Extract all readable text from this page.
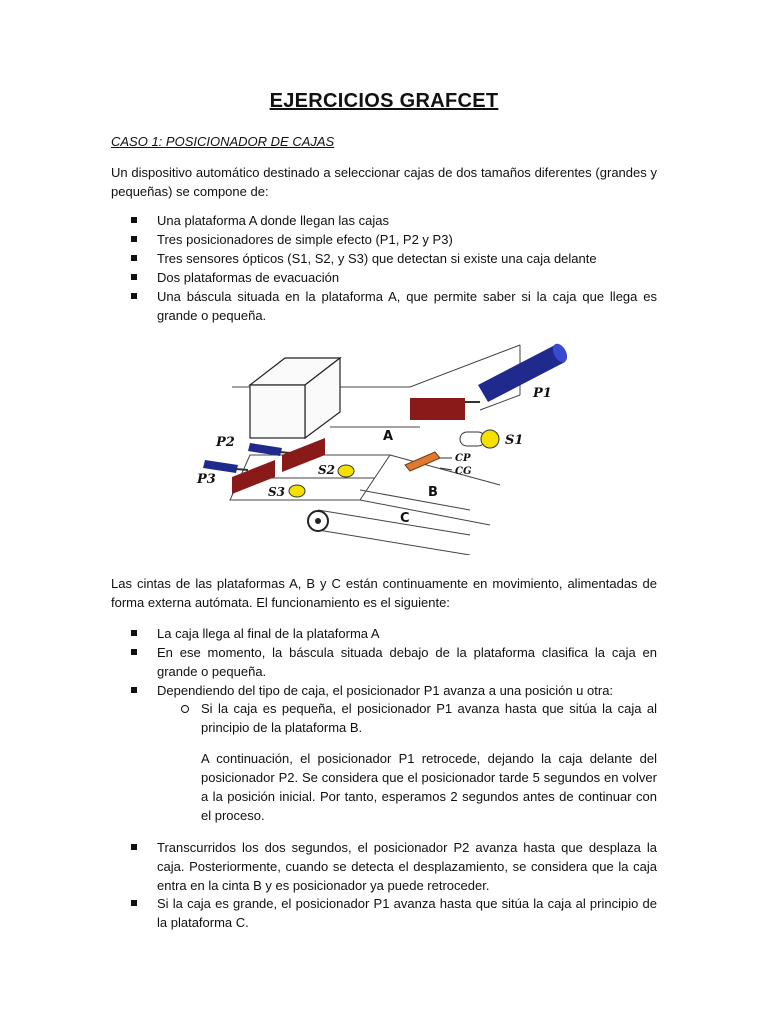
EJERCICIOS GRAFCET
CASO 1: POSICIONADOR DE CAJAS
Un dispositivo automático destinado a seleccionar cajas de dos tamaños diferentes (grandes y pequeñas) se compone de:
Una plataforma A donde llegan las cajas
Tres posicionadores de simple efecto (P1, P2 y P3)
Tres sensores ópticos (S1, S2, y S3) que detectan si existe una caja delante
Dos plataformas de evacuación
Una báscula situada en la plataforma A, que permite saber si la caja que llega es grande o pequeña.
P1
P2
P3
S1
S2
S3
A
B
C
CP
CG
Las cintas de las plataformas A, B y C están continuamente en movimiento, alimentadas de forma externa autómata. El funcionamiento es el siguiente:
La caja llega al final de la plataforma A
En ese momento, la báscula situada debajo de la plataforma clasifica la caja en grande o pequeña.
Dependiendo del tipo de caja, el posicionador P1 avanza a una posición u otra:
Si la caja es pequeña, el posicionador P1 avanza hasta que sitúa la caja al principio de la plataforma B.
A continuación, el posicionador P1 retrocede, dejando la caja delante del posicionador P2. Se considera que el posicionador tarde 5 segundos en volver a la posición inicial. Por tanto, esperamos 2 segundos antes de continuar con el proceso.
Transcurridos los dos segundos, el posicionador P2 avanza hasta que desplaza la caja. Posteriormente, cuando se detecta el desplazamiento, se considera que la caja entra en la cinta B y es posicionador ya puede retroceder.
Si la caja es grande, el posicionador P1 avanza hasta que sitúa la caja al principio de la plataforma C.
